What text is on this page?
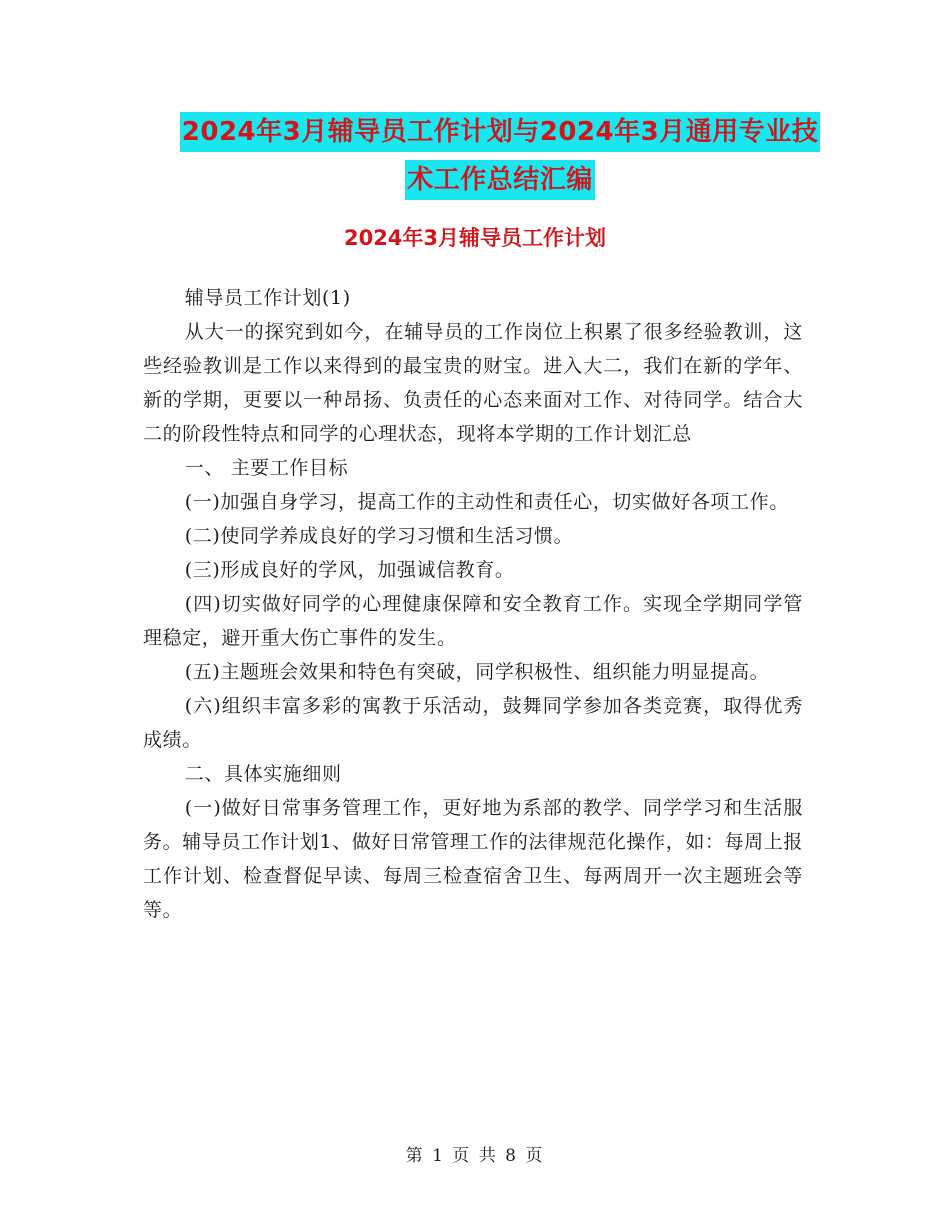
2024年3月辅导员工作计划与2024年3月通用专业技
术工作总结汇编
2024年3月辅导员工作计划

辅导员工作计划(1)

从大一的探究到如今，在辅导员的工作岗位上积累了很多经验教训，这些经验教训是工作以来得到的最宝贵的财宝。进入大二，我们在新的学年、新的学期，更要以一种昂扬、负责任的心态来面对工作、对待同学。结合大二的阶段性特点和同学的心理状态，现将本学期的工作计划汇总

一、 主要工作目标

(一)加强自身学习，提高工作的主动性和责任心，切实做好各项工作。

(二)使同学养成良好的学习习惯和生活习惯。

(三)形成良好的学风，加强诚信教育。

(四)切实做好同学的心理健康保障和安全教育工作。实现全学期同学管理稳定，避开重大伤亡事件的发生。

(五)主题班会效果和特色有突破，同学积极性、组织能力明显提高。

(六)组织丰富多彩的寓教于乐活动，鼓舞同学参加各类竞赛，取得优秀成绩。

二、具体实施细则

(一)做好日常事务管理工作，更好地为系部的教学、同学学习和生活服务。辅导员工作计划1、做好日常管理工作的法律规范化操作，如：每周上报工作计划、检查督促早读、每周三检查宿舍卫生、每两周开一次主题班会等等。

第 1 页 共 8 页
